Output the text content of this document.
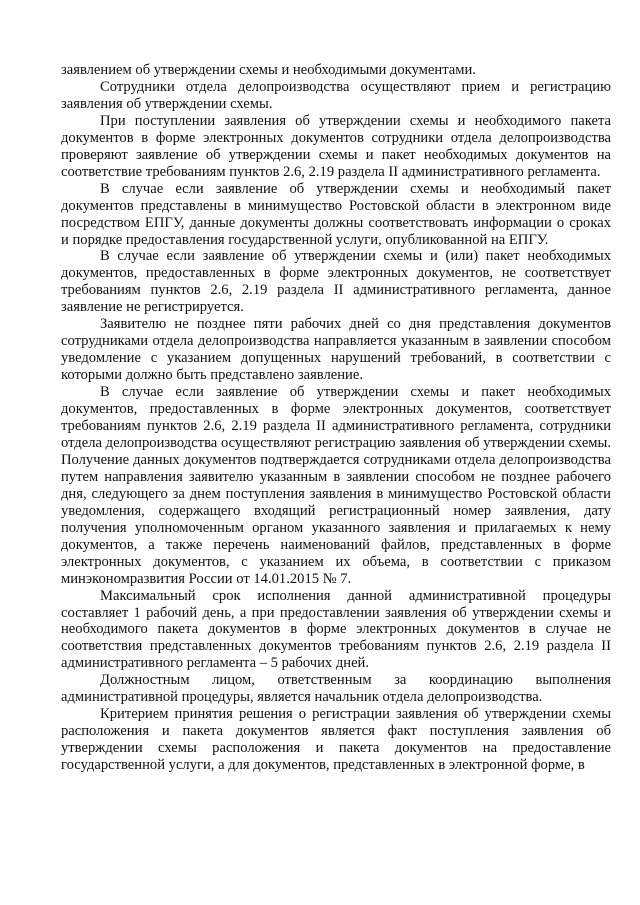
заявлением об утверждении схемы и необходимыми документами.

Сотрудники отдела делопроизводства осуществляют прием и регистрацию заявления об утверждении схемы.

При поступлении заявления об утверждении схемы и необходимого пакета документов в форме электронных документов сотрудники отдела делопроизводства проверяют заявление об утверждении схемы и пакет необходимых документов на соответствие требованиям пунктов 2.6, 2.19 раздела II административного регламента.

В случае если заявление об утверждении схемы и необходимый пакет документов представлены в минимущество Ростовской области в электронном виде посредством ЕПГУ, данные документы должны соответствовать информации о сроках и порядке предоставления государственной услуги, опубликованной на ЕПГУ.

В случае если заявление об утверждении схемы и (или) пакет необходимых документов, предоставленных в форме электронных документов, не соответствует требованиям пунктов 2.6, 2.19 раздела II административного регламента, данное заявление не регистрируется.

Заявителю не позднее пяти рабочих дней со дня представления документов сотрудниками отдела делопроизводства направляется указанным в заявлении способом уведомление с указанием допущенных нарушений требований, в соответствии с которыми должно быть представлено заявление.

В случае если заявление об утверждении схемы и пакет необходимых документов, предоставленных в форме электронных документов, соответствует требованиям пунктов 2.6, 2.19 раздела II административного регламента, сотрудники отдела делопроизводства осуществляют регистрацию заявления об утверждении схемы. Получение данных документов подтверждается сотрудниками отдела делопроизводства путем направления заявителю указанным в заявлении способом не позднее рабочего дня, следующего за днем поступления заявления в минимущество Ростовской области уведомления, содержащего входящий регистрационный номер заявления, дату получения уполномоченным органом указанного заявления и прилагаемых к нему документов, а также перечень наименований файлов, представленных в форме электронных документов, с указанием их объема, в соответствии с приказом минэкономразвития России от 14.01.2015 № 7.

Максимальный срок исполнения данной административной процедуры составляет 1 рабочий день, а при предоставлении заявления об утверждении схемы и необходимого пакета документов в форме электронных документов в случае не соответствия представленных документов требованиям пунктов 2.6, 2.19 раздела II административного регламента – 5 рабочих дней.

Должностным лицом, ответственным за координацию выполнения административной процедуры, является начальник отдела делопроизводства.

Критерием принятия решения о регистрации заявления об утверждении схемы расположения и пакета документов является факт поступления заявления об утверждении схемы расположения и пакета документов на предоставление государственной услуги, а для документов, представленных в электронной форме, в
